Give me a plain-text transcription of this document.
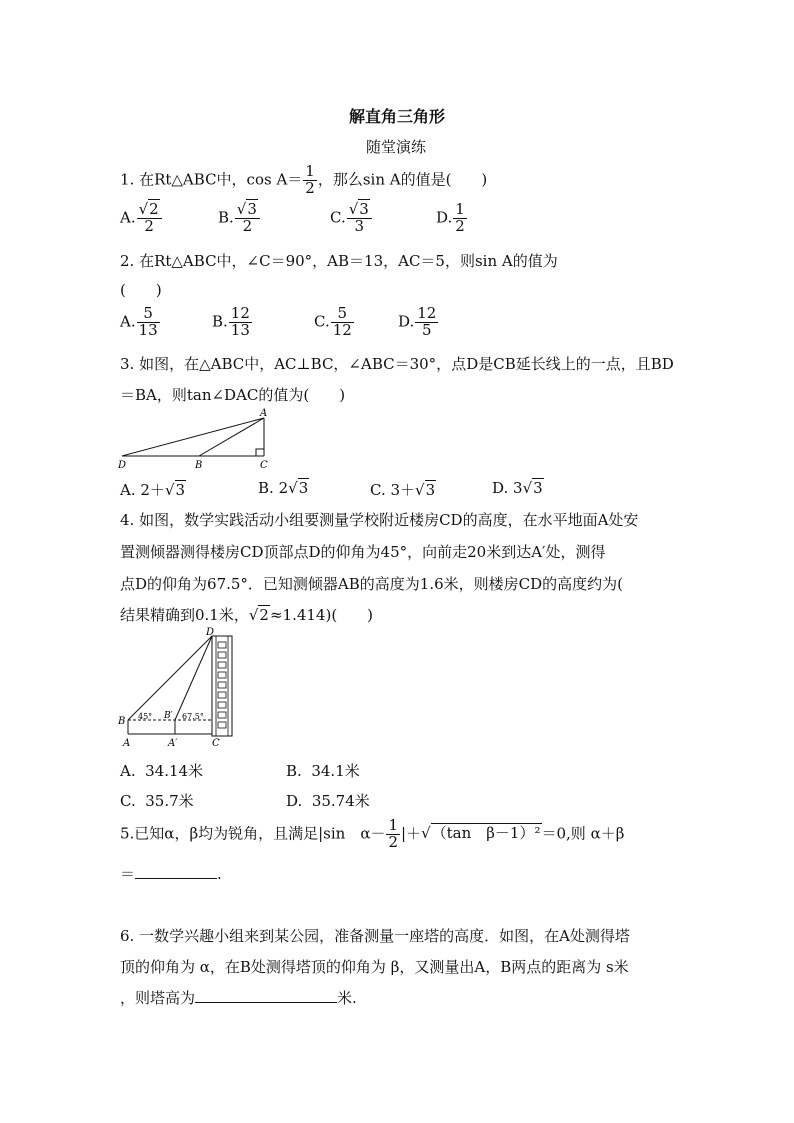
解直角三角形
随堂演练
1. 在Rt△ABC中，$\cos A= \frac{1}{2}$ ，那么sin A的值是(　　)
A. $\frac{√2}{2}$	B. $\frac{√3}{2}$	C. $\frac{√3}{3}$	D. $\frac{1}{2}$
2. 在Rt△ABC中，∠C＝90°，AB＝13，AC＝5，则sin A的值为
(　　)
A. $\frac{5}{13}$	B. $\frac{12}{13}$	C. $\frac{5}{12}$	D. $\frac{12}{5}$
3. 如图，在△ABC中，AC⊥BC，∠ABC＝30°，点D是CB延长线上的一点，且BD
＝BA，则tan∠DAC的值为(　　)
A
D	B	C
A. 2＋√3	B. 2√3	C. 3＋√3	D. 3√3
4. 如图，数学实践活动小组要测量学校附近楼房CD的高度，在水平地面A处安
置测倾器测得楼房CD顶部点D的仰角为45°，向前走20米到达A′处，测得
点D的仰角为67.5°．已知测倾器AB的高度为1.6米，则楼房CD的高度约为(
结果精确到0.1米，√2≈1.414)(　　)
D
B
A
B′
A′	C
45°	67.5°
A. 34.14米	B. 34.1米
C. 35.7米	D. 35.74米
5.已知α，β均为锐角，且满足|sin　$\alpha- \frac{1}{2} |+√(\tan$　β－1）²＝0,则 α＋β
＝	.
6. 一数学兴趣小组来到某公园，准备测量一座塔的高度．如图，在A处测得塔
顶的仰角为 α，在B处测得塔顶的仰角为 β，又测量出A，B两点的距离为 s米
，则塔高为	米.
